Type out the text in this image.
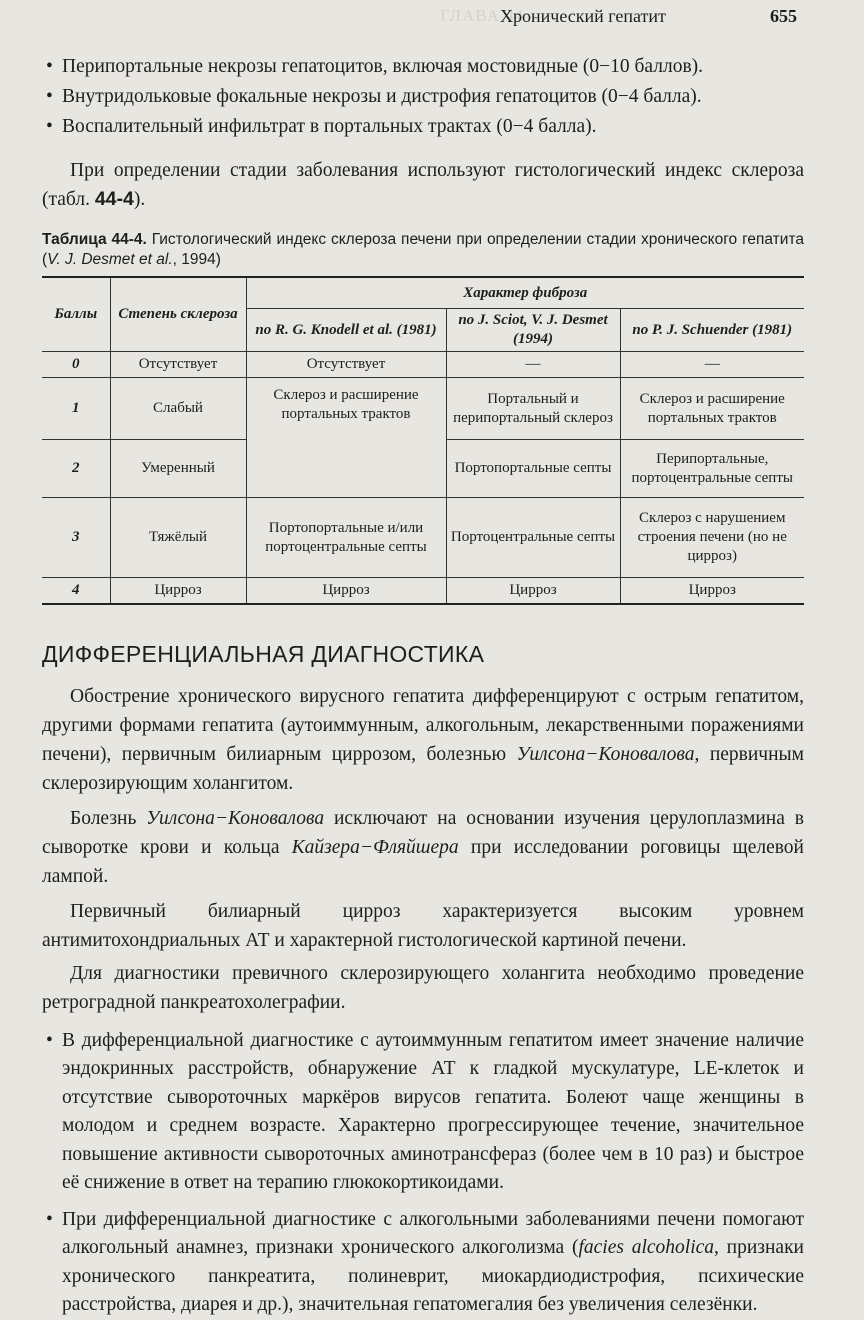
ГЛАВА 44
Хронический гепатит	655
• Перипортальные некрозы гепатоцитов, включая мостовидные (0−10 баллов).
• Внутридольковые фокальные некрозы и дистрофия гепатоцитов (0−4 балла).
• Воспалительный инфильтрат в портальных трактах (0−4 балла).

При определении стадии заболевания используют гистологический индекс склероза (табл. 44-4).

Таблица 44-4. Гистологический индекс склероза печени при определении стадии хронического гепатита (V. J. Desmet et al., 1994)
Баллы	Степень склероза	Характер фиброза		
		по R. G. Knodell et al. (1981)	по J. Sciot, V. J. Desmet (1994)	по P. J. Schuender (1981)
0	Отсутствует	Отсутствует	—	—
1	Слабый	Склероз и расширение портальных трактов	Портальный и перипортальный склероз	Склероз и расширение портальных трактов
2	Умеренный		Портопортальные септы	Перипортальные, портоцентральные септы
3	Тяжёлый	Портопортальные и/или портоцентральные септы	Портоцентральные септы	Склероз с нарушением строения печени (но не цирроз)
4	Цирроз	Цирроз	Цирроз	Цирроз
ДИФФЕРЕНЦИАЛЬНАЯ ДИАГНОСТИКА

Обострение хронического вирусного гепатита дифференцируют с острым гепатитом, другими формами гепатита (аутоиммунным, алкогольным, лекарственными поражениями печени), первичным билиарным циррозом, болезнью Уилсона−Коновалова, первичным склерозирующим холангитом.

Болезнь Уилсона−Коновалова исключают на основании изучения церулоплазмина в сыворотке крови и кольца Кайзера−Фляйшера при исследовании роговицы щелевой лампой.

Первичный билиарный цирроз характеризуется высоким уровнем антимитохондриальных АТ и характерной гистологической картиной печени.

Для диагностики превичного склерозирующего холангита необходимо проведение ретроградной панкреатохолеграфии.

• В дифференциальной диагностике с аутоиммунным гепатитом имеет значение наличие эндокринных расстройств, обнаружение АТ к гладкой мускулатуре, LE-клеток и отсутствие сывороточных маркёров вирусов гепатита. Болеют чаще женщины в молодом и среднем возрасте. Характерно прогрессирующее течение, значительное повышение активности сывороточных аминотрансфераз (более чем в 10 раз) и быстрое её снижение в ответ на терапию глюкокортикоидами.
• При дифференциальной диагностике с алкогольными заболеваниями печени помогают алкогольный анамнез, признаки хронического алкоголизма (facies alcoholica, признаки хронического панкреатита, полиневрит, миокардиодистрофия, психические расстройства, диарея и др.), значительная гепатомегалия без увеличения селезёнки.
